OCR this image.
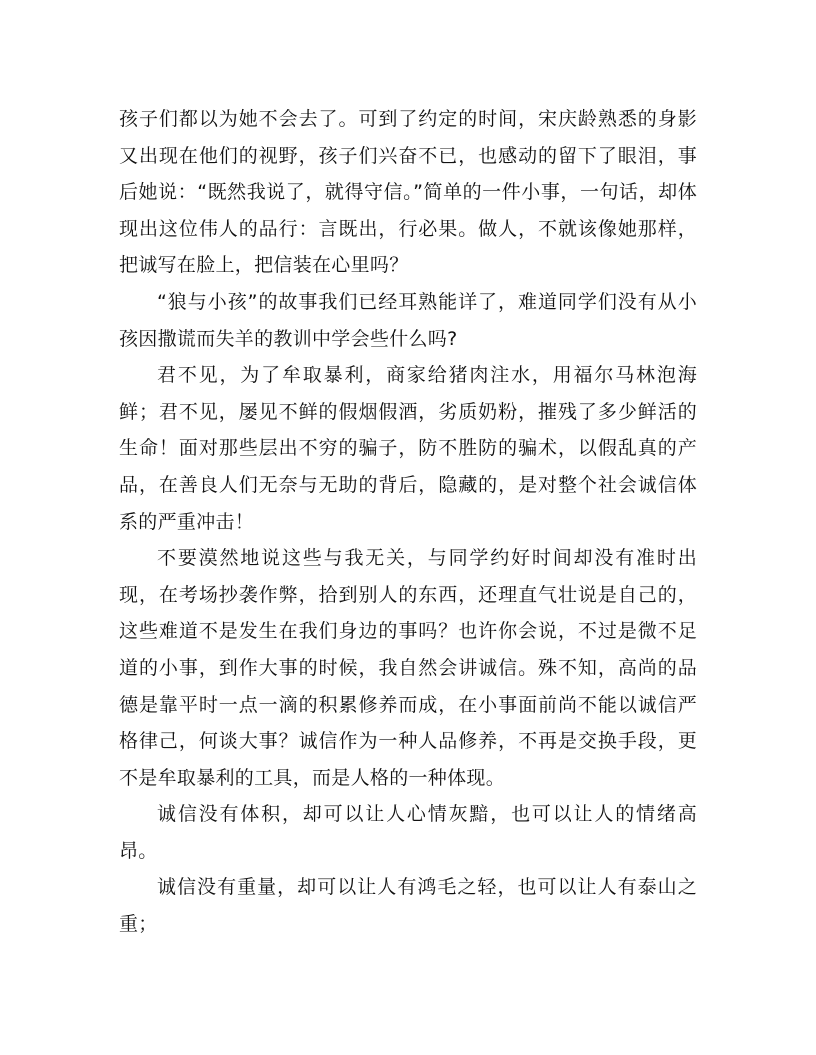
孩子们都以为她不会去了。可到了约定的时间，宋庆龄熟悉的身影又出现在他们的视野，孩子们兴奋不已，也感动的留下了眼泪，事后她说：“既然我说了，就得守信。”简单的一件小事，一句话，却体现出这位伟人的品行：言既出，行必果。做人，不就该像她那样，把诚写在脸上，把信装在心里吗？

“狼与小孩”的故事我们已经耳熟能详了，难道同学们没有从小孩因撒谎而失羊的教训中学会些什么吗?

君不见，为了牟取暴利，商家给猪肉注水，用福尔马林泡海鲜；君不见，屡见不鲜的假烟假酒，劣质奶粉，摧残了多少鲜活的生命！面对那些层出不穷的骗子，防不胜防的骗术，以假乱真的产品，在善良人们无奈与无助的背后，隐藏的，是对整个社会诚信体系的严重冲击！

不要漠然地说这些与我无关，与同学约好时间却没有准时出现，在考场抄袭作弊，拾到别人的东西，还理直气壮说是自己的，这些难道不是发生在我们身边的事吗？也许你会说，不过是微不足道的小事，到作大事的时候，我自然会讲诚信。殊不知，高尚的品德是靠平时一点一滴的积累修养而成，在小事面前尚不能以诚信严格律己，何谈大事？诚信作为一种人品修养，不再是交换手段，更不是牟取暴利的工具，而是人格的一种体现。

诚信没有体积，却可以让人心情灰黯，也可以让人的情绪高昂。

诚信没有重量，却可以让人有鸿毛之轻，也可以让人有泰山之重；
